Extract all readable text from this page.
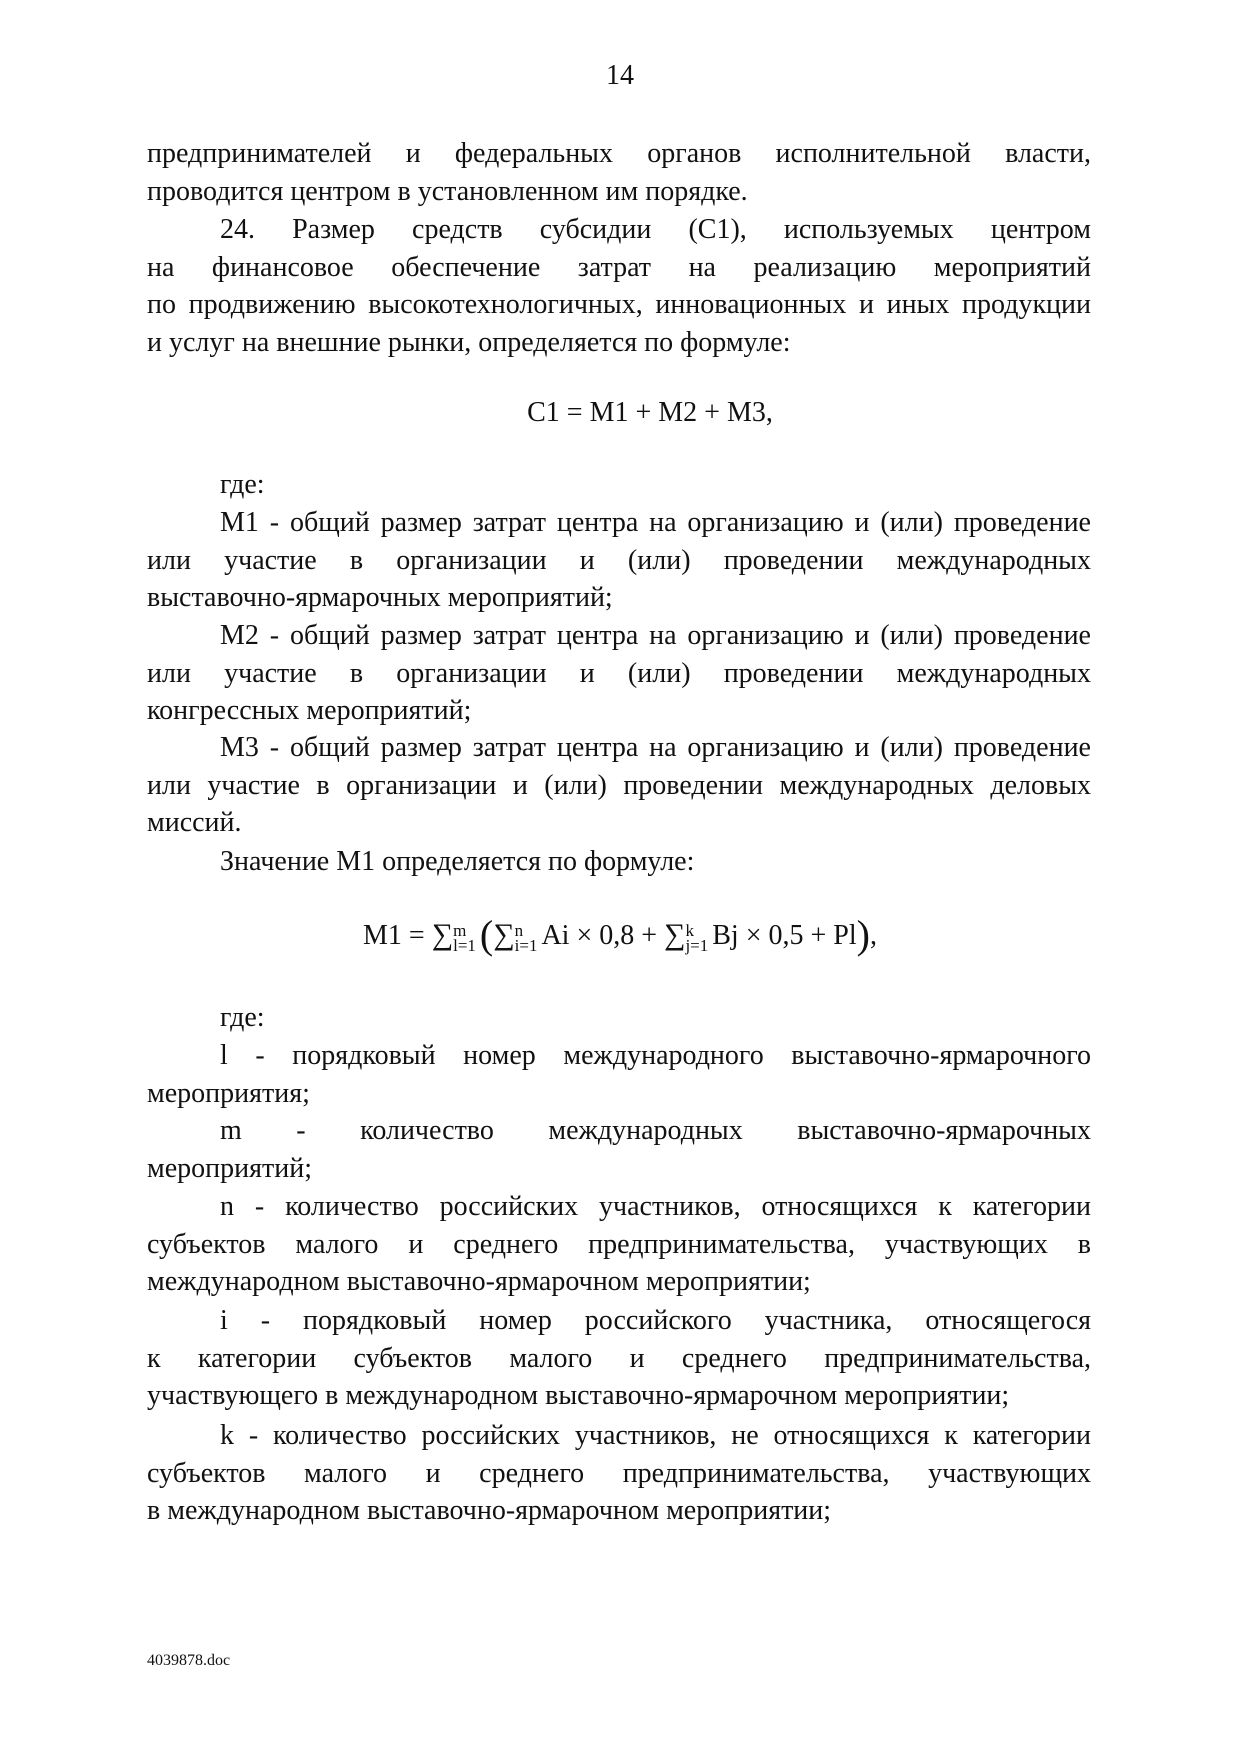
14
предпринимателей и федеральных органов исполнительной власти,
проводится центром в установленном им порядке.
24. Размер средств субсидии (С1), используемых центром
на финансовое обеспечение затрат на реализацию мероприятий
по продвижению высокотехнологичных, инновационных и иных продукции
и услуг на внешние рынки, определяется по формуле:
С1 = М1 + М2 + М3,
где:
М1 - общий размер затрат центра на организацию и (или) проведение
или участие в организации и (или) проведении международных
выставочно-ярмарочных мероприятий;
М2 - общий размер затрат центра на организацию и (или) проведение
или участие в организации и (или) проведении международных
конгрессных мероприятий;
М3 - общий размер затрат центра на организацию и (или) проведение
или участие в организации и (или) проведении международных деловых
миссий.
Значение М1 определяется по формуле:
M1 = ∑ m
l=1 (∑ n
i=1 Ai × 0,8 + ∑ k
j=1 Bj × 0,5 + Pl),
где:
l - порядковый номер международного выставочно-ярмарочного
мероприятия;
m - количество международных выставочно-ярмарочных
мероприятий;
n - количество российских участников, относящихся к категории
субъектов малого и среднего предпринимательства, участвующих в
международном выставочно-ярмарочном мероприятии;
i - порядковый номер российского участника, относящегося
к категории субъектов малого и среднего предпринимательства,
участвующего в международном выставочно-ярмарочном мероприятии;
k - количество российских участников, не относящихся к категории
субъектов малого и среднего предпринимательства, участвующих
в международном выставочно-ярмарочном мероприятии;
4039878.doc
